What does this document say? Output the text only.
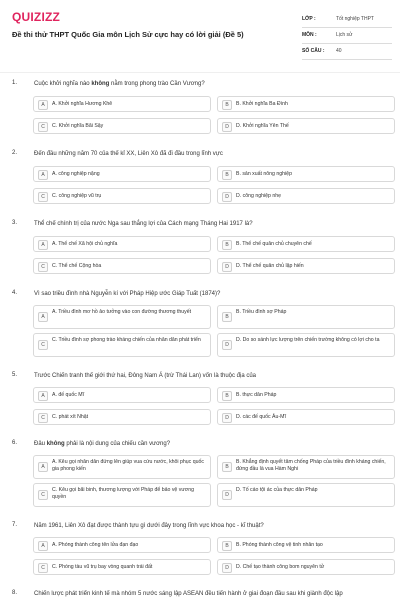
QUIZIZZ
Đề thi thử THPT Quốc Gia môn Lịch Sử cực hay có lời giải (Đề 5)
LỚP :	Tốt nghiệp THPT
MÔN :	Lịch sử
SỐ CÂU : 40
1.	Cuộc khởi nghĩa nào không nằm trong phong trào Cần Vương?
A	A. Khởi nghĩa Hương Khê	B	B. Khởi nghĩa Ba Đình
C	C. Khởi nghĩa Bãi Sậy	D	D. Khởi nghĩa Yên Thế
2.	Đến đầu những năm 70 của thế kỉ XX, Liên Xô đã đi đầu trong lĩnh vực
A	A. công nghiệp nặng	B	B. sản xuất nông nghiệp
C	C. công nghiệp vũ trụ	D	D. công nghiệp nhẹ
3.	Thể chế chính trị của nước Nga sau thắng lợi của Cách mạng Tháng Hai 1917 là?
A	A. Thể chế Xã hội chủ nghĩa	B	B. Thể chế quân chủ chuyên chế
C	C. Thể chế Cộng hòa	D	D. Thể chế quân chủ lập hiến
4.	Vì sao triều đình nhà Nguyễn kí với Pháp Hiệp ước Giáp Tuất (1874)?
A
A. Triều đình mơ hồ ảo tưởng vào con đường thương thuyết
B
B. Triều đình sợ Pháp
C
C. Triều đình sợ phong trào kháng chiến của nhân dân phát triển
D
D. Do so sánh lực lượng trên chiến trường không có lợi cho ta
5.	Trước Chiến tranh thế giới thứ hai, Đông Nam Á (trừ Thái Lan) vốn là thuộc địa của
A	A. đế quốc Mĩ	B	B. thực dân Pháp
C	C. phát xít Nhật	D	D. các đế quốc Âu-Mĩ
6.	Đâu không phải là nội dung của chiếu cần vương?
A
A. Kêu gọi nhân dân đứng lên giúp vua cứu nước, khôi phục quốc gia phong kiến	B
B. Khẳng định quyết tâm chống Pháp của triều đình kháng chiến, đứng đầu là vua Hàm Nghi
C
C. Kêu gọi bãi binh, thương lượng với Pháp để bảo vệ vương quyền	D
D. Tố cáo tội ác của thực dân Pháp
7.	Năm 1961, Liên Xô đạt được thành tựu gì dưới đây trong lĩnh vực khoa học - kĩ thuật?
A	A. Phóng thành công tên lửa đạn đạo	B	B. Phóng thành công vệ tinh nhân tạo
C	C. Phóng tàu vũ trụ bay vòng quanh trái đất	D	D. Chế tạo thành công bom nguyên tử
8.	Chiến lược phát triển kinh tế mà nhóm 5 nước sáng lập ASEAN đều tiến hành ở giai đoạn đầu sau khi giành độc lập
